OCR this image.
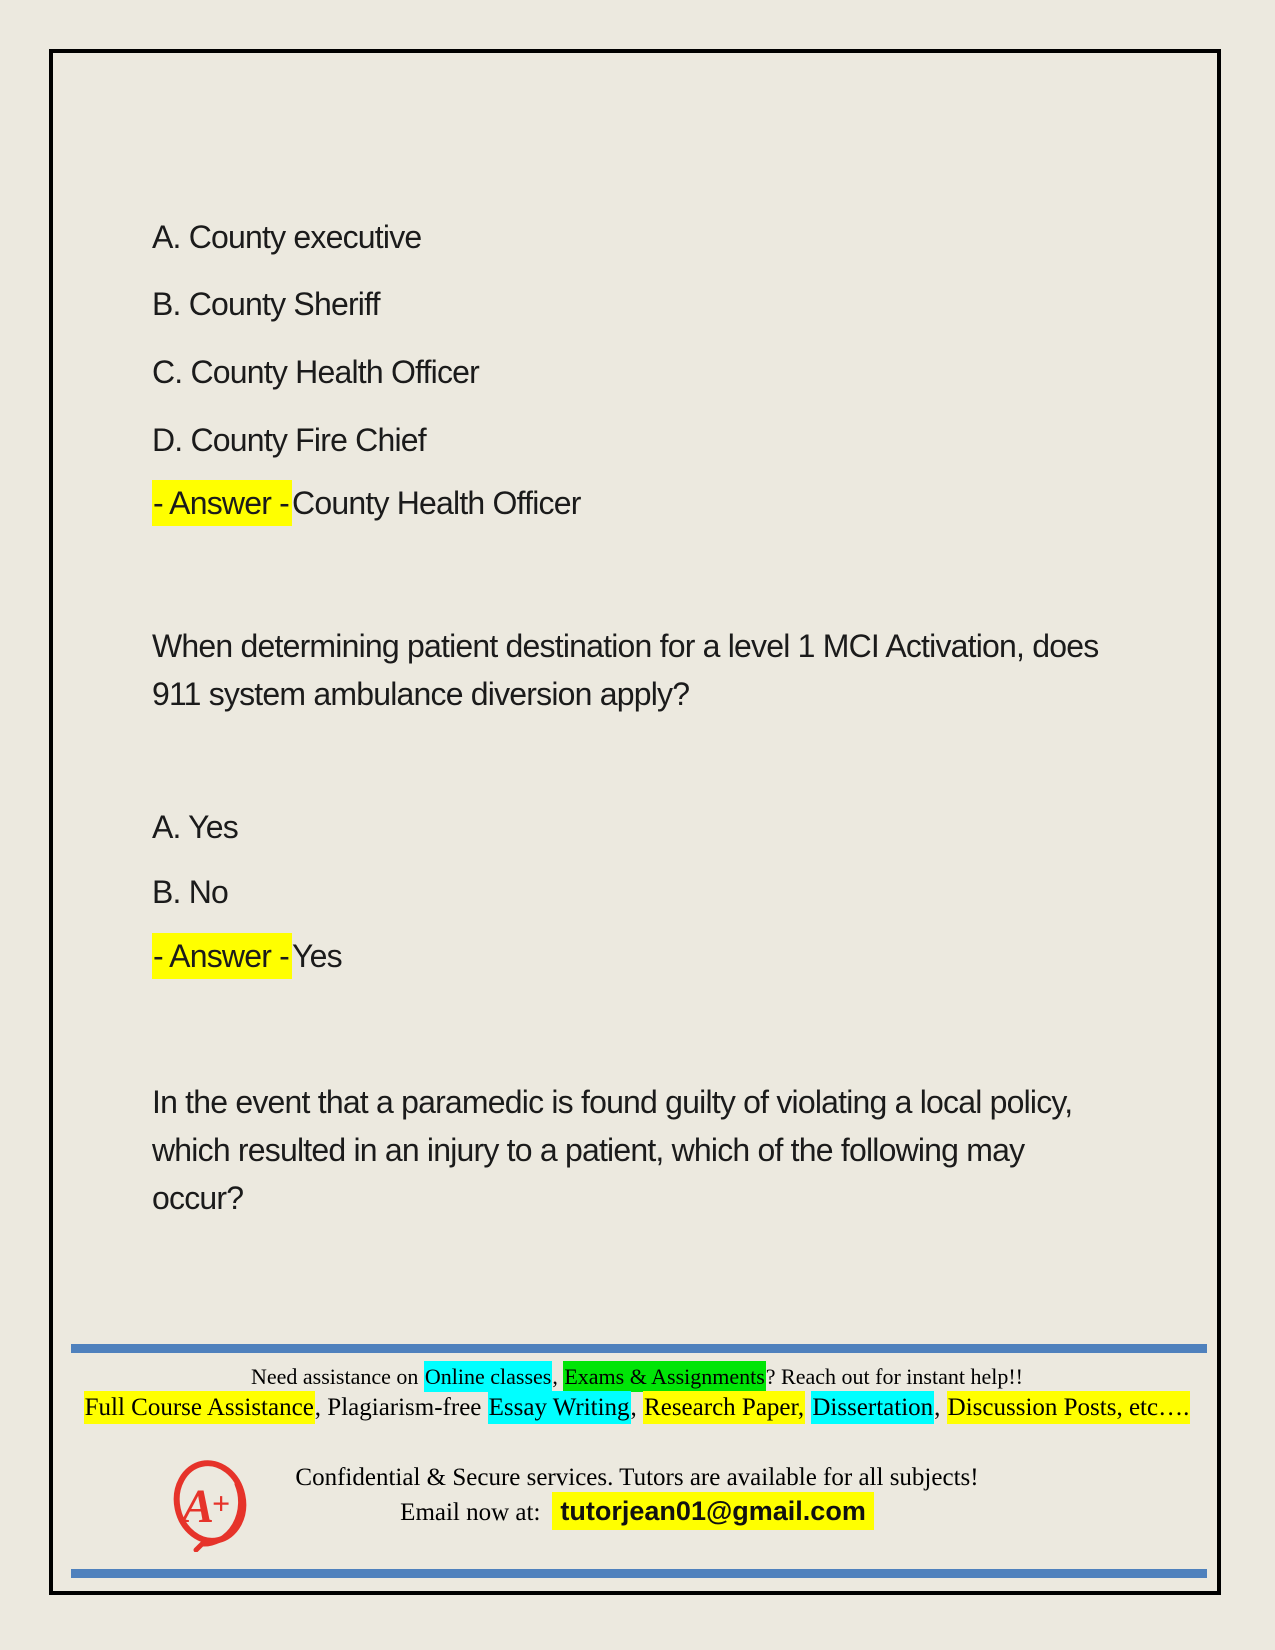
A. County executive
B. County Sheriff
C. County Health Officer
D. County Fire Chief
- Answer -County Health Officer
When determining patient destination for a level 1 MCI Activation, does
911 system ambulance diversion apply?
A. Yes
B. No
- Answer -Yes
In the event that a paramedic is found guilty of violating a local policy,
which resulted in an injury to a patient, which of the following may
occur?
Need assistance on Online classes, Exams & Assignments? Reach out for instant help!!
Full Course Assistance, Plagiarism-free Essay Writing, Research Paper, Dissertation, Discussion Posts, etc….
Confidential & Secure services. Tutors are available for all subjects!
Email now at: tutorjean01@gmail.com
A
+
